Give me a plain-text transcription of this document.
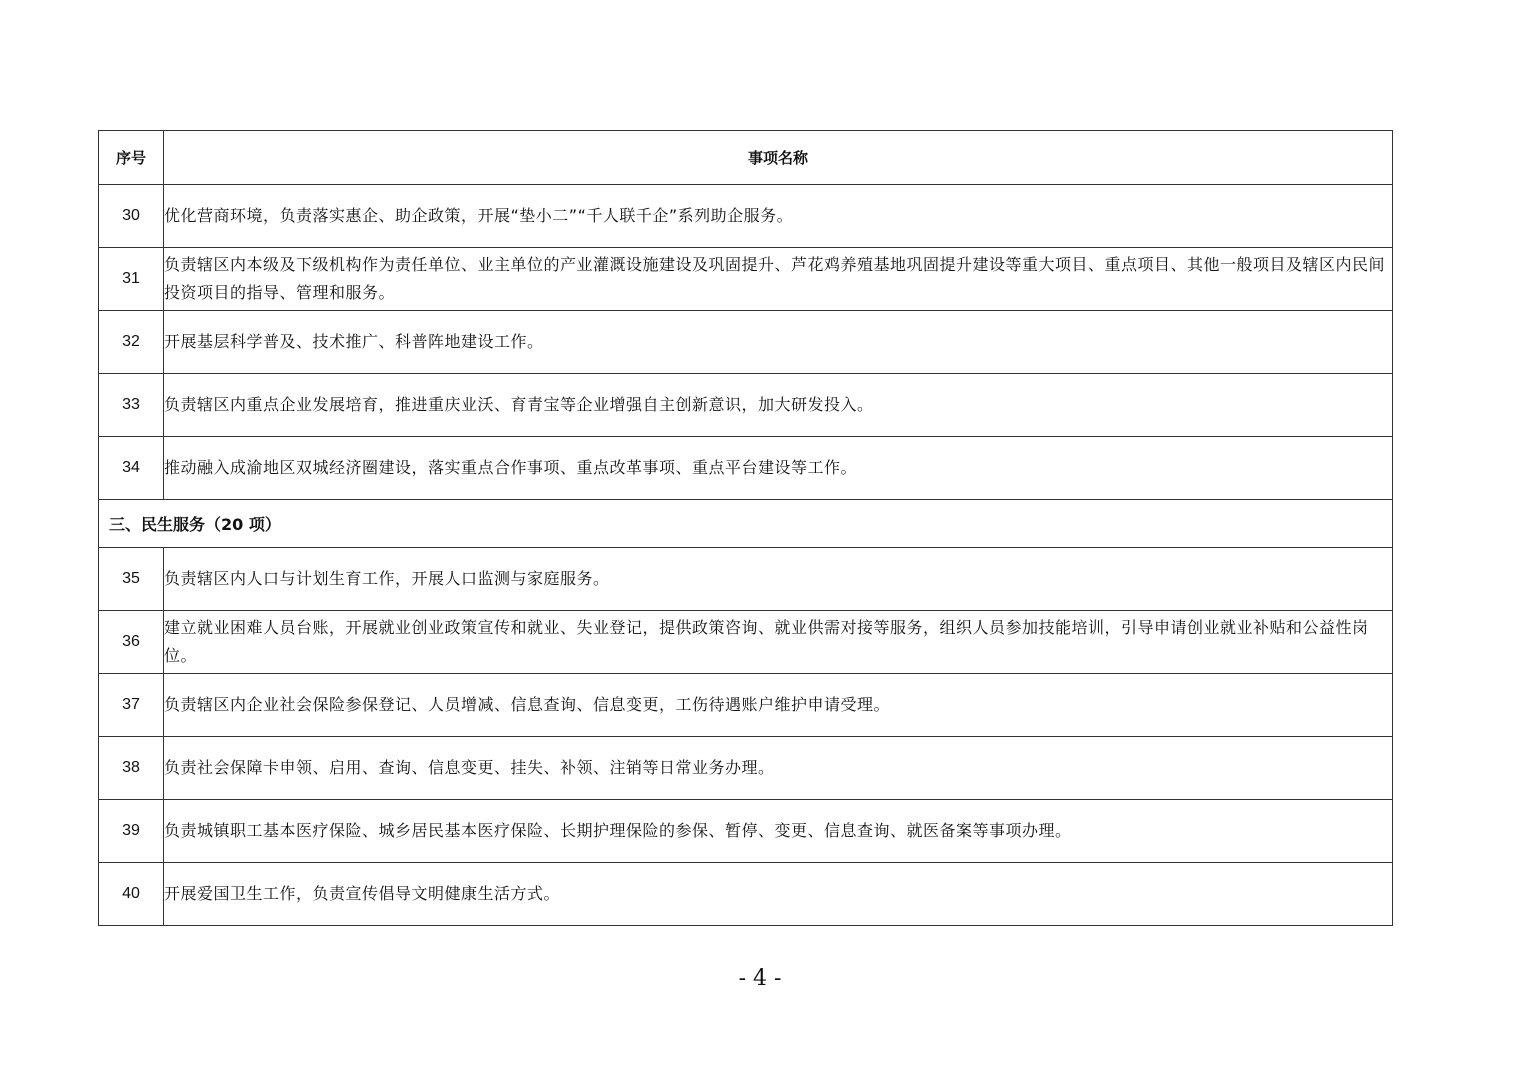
序号	事项名称
30	优化营商环境，负责落实惠企、助企政策，开展“垫小二”“千人联千企”系列助企服务。
31	负责辖区内本级及下级机构作为责任单位、业主单位的产业灌溉设施建设及巩固提升、芦花鸡养殖基地巩固提升建设等重大项目、重点项目、其他一般项目及辖区内民间投资项目的指导、管理和服务。
32	开展基层科学普及、技术推广、科普阵地建设工作。
33	负责辖区内重点企业发展培育，推进重庆业沃、育青宝等企业增强自主创新意识，加大研发投入。
34	推动融入成渝地区双城经济圈建设，落实重点合作事项、重点改革事项、重点平台建设等工作。
三、民生服务（20 项）	
35	负责辖区内人口与计划生育工作，开展人口监测与家庭服务。
36	建立就业困难人员台账，开展就业创业政策宣传和就业、失业登记，提供政策咨询、就业供需对接等服务，组织人员参加技能培训，引导申请创业就业补贴和公益性岗位。
37	负责辖区内企业社会保险参保登记、人员增减、信息查询、信息变更，工伤待遇账户维护申请受理。
38	负责社会保障卡申领、启用、查询、信息变更、挂失、补领、注销等日常业务办理。
39	负责城镇职工基本医疗保险、城乡居民基本医疗保险、长期护理保险的参保、暂停、变更、信息查询、就医备案等事项办理。
40	开展爱国卫生工作，负责宣传倡导文明健康生活方式。
- 4 -
